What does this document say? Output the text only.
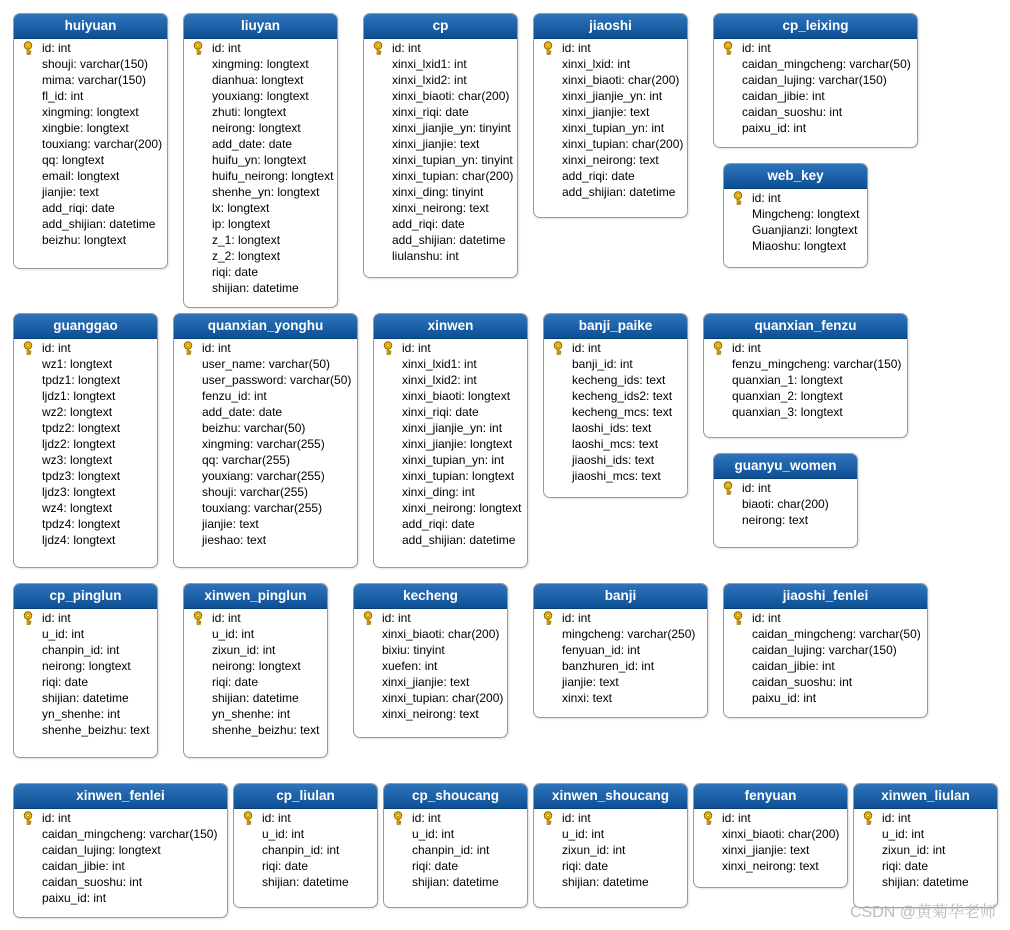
huiyuan
id: int
shouji: varchar(150)
mima: varchar(150)
fl_id: int
xingming: longtext
xingbie: longtext
touxiang: varchar(200)
qq: longtext
email: longtext
jianjie: text
add_riqi: date
add_shijian: datetime
beizhu: longtext
liuyan
id: int
xingming: longtext
dianhua: longtext
youxiang: longtext
zhuti: longtext
neirong: longtext
add_date: date
huifu_yn: longtext
huifu_neirong: longtext
shenhe_yn: longtext
lx: longtext
ip: longtext
z_1: longtext
z_2: longtext
riqi: date
shijian: datetime
cp
id: int
xinxi_lxid1: int
xinxi_lxid2: int
xinxi_biaoti: char(200)
xinxi_riqi: date
xinxi_jianjie_yn: tinyint
xinxi_jianjie: text
xinxi_tupian_yn: tinyint
xinxi_tupian: char(200)
xinxi_ding: tinyint
xinxi_neirong: text
add_riqi: date
add_shijian: datetime
liulanshu: int
jiaoshi
id: int
xinxi_lxid: int
xinxi_biaoti: char(200)
xinxi_jianjie_yn: int
xinxi_jianjie: text
xinxi_tupian_yn: int
xinxi_tupian: char(200)
xinxi_neirong: text
add_riqi: date
add_shijian: datetime
cp_leixing
id: int
caidan_mingcheng: varchar(50)
caidan_lujing: varchar(150)
caidan_jibie: int
caidan_suoshu: int
paixu_id: int
web_key
id: int
Mingcheng: longtext
Guanjianzi: longtext
Miaoshu: longtext
guanggao
id: int
wz1: longtext
tpdz1: longtext
ljdz1: longtext
wz2: longtext
tpdz2: longtext
ljdz2: longtext
wz3: longtext
tpdz3: longtext
ljdz3: longtext
wz4: longtext
tpdz4: longtext
ljdz4: longtext
quanxian_yonghu
id: int
user_name: varchar(50)
user_password: varchar(50)
fenzu_id: int
add_date: date
beizhu: varchar(50)
xingming: varchar(255)
qq: varchar(255)
youxiang: varchar(255)
shouji: varchar(255)
touxiang: varchar(255)
jianjie: text
jieshao: text
xinwen
id: int
xinxi_lxid1: int
xinxi_lxid2: int
xinxi_biaoti: longtext
xinxi_riqi: date
xinxi_jianjie_yn: int
xinxi_jianjie: longtext
xinxi_tupian_yn: int
xinxi_tupian: longtext
xinxi_ding: int
xinxi_neirong: longtext
add_riqi: date
add_shijian: datetime
banji_paike
id: int
banji_id: int
kecheng_ids: text
kecheng_ids2: text
kecheng_mcs: text
laoshi_ids: text
laoshi_mcs: text
jiaoshi_ids: text
jiaoshi_mcs: text
quanxian_fenzu
id: int
fenzu_mingcheng: varchar(150)
quanxian_1: longtext
quanxian_2: longtext
quanxian_3: longtext
guanyu_women
id: int
biaoti: char(200)
neirong: text
cp_pinglun
id: int
u_id: int
chanpin_id: int
neirong: longtext
riqi: date
shijian: datetime
yn_shenhe: int
shenhe_beizhu: text
xinwen_pinglun
id: int
u_id: int
zixun_id: int
neirong: longtext
riqi: date
shijian: datetime
yn_shenhe: int
shenhe_beizhu: text
kecheng
id: int
xinxi_biaoti: char(200)
bixiu: tinyint
xuefen: int
xinxi_jianjie: text
xinxi_tupian: char(200)
xinxi_neirong: text
banji
id: int
mingcheng: varchar(250)
fenyuan_id: int
banzhuren_id: int
jianjie: text
xinxi: text
jiaoshi_fenlei
id: int
caidan_mingcheng: varchar(50)
caidan_lujing: varchar(150)
caidan_jibie: int
caidan_suoshu: int
paixu_id: int
xinwen_fenlei
id: int
caidan_mingcheng: varchar(150)
caidan_lujing: longtext
caidan_jibie: int
caidan_suoshu: int
paixu_id: int
cp_liulan
id: int
u_id: int
chanpin_id: int
riqi: date
shijian: datetime
cp_shoucang
id: int
u_id: int
chanpin_id: int
riqi: date
shijian: datetime
xinwen_shoucang
id: int
u_id: int
zixun_id: int
riqi: date
shijian: datetime
fenyuan
id: int
xinxi_biaoti: char(200)
xinxi_jianjie: text
xinxi_neirong: text
xinwen_liulan
id: int
u_id: int
zixun_id: int
riqi: date
shijian: datetime
CSDN @黄菊华老师
